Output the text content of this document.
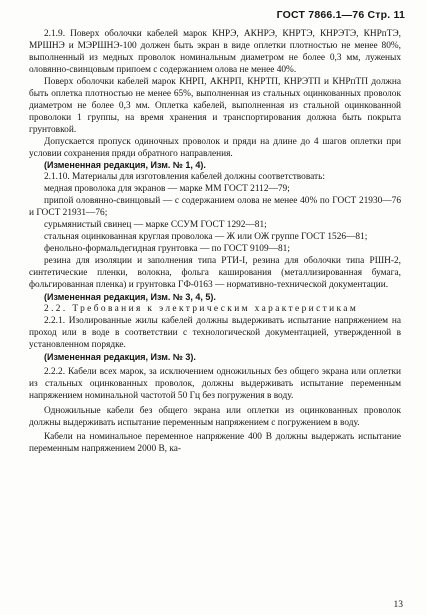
ГОСТ 7866.1—76 Стр. 11

2.1.9. Поверх оболочки кабелей марок КНРЭ, АКНРЭ, КНРТЭ, КНРЭТЭ, КНРпТЭ, МРШНЭ и МЭРШНЭ-100 должен быть экран в виде оплетки плотностью не менее 80%, выполненный из медных проволок номинальным диаметром не более 0,3 мм, луженых оловянно-свинцовым припоем с содержанием олова не менее 40%.

Поверх оболочки кабелей марок КНРП, АКНРП, КНРТП, КНРЭТП и КНРпТП должна быть оплетка плотностью не менее 65%, выполненная из стальных оцинкованных проволок диаметром не более 0,3 мм. Оплетка кабелей, выполненная из стальной оцинкованной проволоки 1 группы, на время хранения и транспортирования должна быть покрыта грунтовкой.

Допускается пропуск одиночных проволок и пряди на длине до 4 шагов оплетки при условии сохранения пряди обратного направления.

(Измененная редакция, Изм. № 1, 4).

2.1.10. Материалы для изготовления кабелей должны соответствовать:

медная проволока для экранов — марке ММ ГОСТ 2112—79;

припой оловянно-свинцовый — с содержанием олова не менее 40% по ГОСТ 21930—76 и ГОСТ 21931—76;

сурьмянистый свинец — марке ССУМ ГОСТ 1292—81;

стальная оцинкованная круглая проволока — Ж или ОЖ группе ГОСТ 1526—81;

фенольно-формальдегидная грунтовка — по ГОСТ 9109—81;

резина для изоляции и заполнения типа РТИ-І, резина для оболочки типа РШН-2, синтетические пленки, волокна, фольга каширования (металлизированная бумага, фольгированная пленка) и грунтовка ГФ-0163 — нормативно-технической документации.

(Измененная редакция, Изм. № 3, 4, 5).

2.2. Требования к электрическим характеристикам

2.2.1. Изолированные жилы кабелей должны выдерживать испытание напряжением на проход или в воде в соответствии с технологической документацией, утвержденной в установленном порядке.

(Измененная редакция, Изм. № 3).

2.2.2. Кабели всех марок, за исключением одножильных без общего экрана или оплетки из стальных оцинкованных проволок, должны выдерживать испытание переменным напряжением номинальной частотой 50 Гц без погружения в воду.

Одножильные кабели без общего экрана или оплетки из оцинкованных проволок должны выдерживать испытание переменным напряжением с погружением в воду.

Кабели на номинальное переменное напряжение 400 В должны выдержать испытание переменным напряжением 2000 В, ка-

13
